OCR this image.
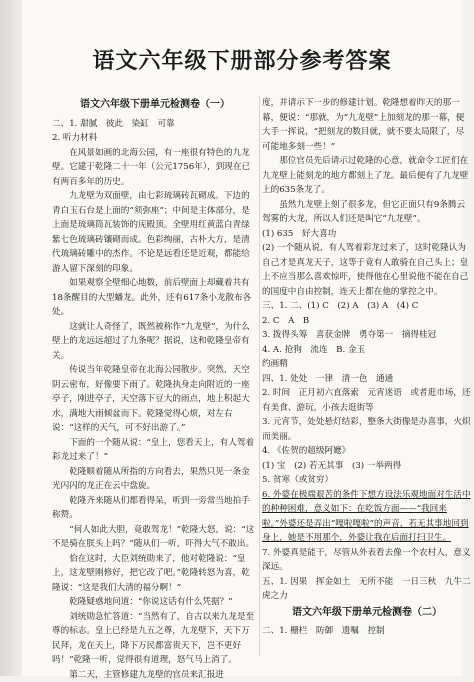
语文六年级下册部分参考答案

语文六年级下册单元检测卷（一）

二、1. 甜腻　彼此　染缸　可靠

2. 听力材料

在风景如画的北海公园，有一座很有特色的九龙壁。它建于乾隆二十一年（公元1756年），到现在已有两百多年的历史。

九龙壁为双面壁，由七彩琉璃砖瓦砌成。下边的青白玉石台是上面的“须弥座”；中间是主体部分，是上面是琉璃筒瓦装饰的庑殿顶。全壁用红黄蓝白青绿紫七色琉璃砖镶砌而成。色彩绚丽，古朴大方，是清代琉璃砖雕中的杰作。不论是远看还是近观，都能给游人留下深刻的印象。

如果观察全壁细心地数，前后壁面上却藏着共有18条醒目的大型蟠龙。此外，还有617条小龙散布各处。

这就让人奇怪了，既然被称作“九龙壁”，为什么壁上的龙远远超过了九条呢？据说，这和乾隆皇帝有关。

传说当年乾隆皇帝在北海公园散步。突然，天空阴云密布，好像要下雨了。乾隆执身走向附近的一座亭子，刚进亭子，天空落下豆大的雨点，地上积起大水，满地大雨倾盆而下。乾隆觉得心烦，对左右说：“这样的天气，可不好出游了。”

下面的一个随从说：“皇上，您看天上，有人驾着彩龙过来了！”

乾隆顺着随从所指的方向看去，果然只见一条金光闪闪的龙正在云中盘旋。

乾隆齐来随从们都看得呆，听到一旁常当地拍手称赞。

“何人如此大胆，竟敢驾龙！”乾隆大怒，说：“这不是骑在朕头上吗？”随从们一听，吓得大气不敢出。

恰在这时，大臣刘统勋来了，他对乾隆说：“皇上，这龙壁刚修好，把它改了吧。”乾隆转怒为喜，乾隆说：“这是我们大清的福分啊！”

乾隆疑惑地问道：“你说这话有什么凭据？”

刘统勋急忙答道：“当然有了，自古以来九龙是至尊的标志。皇上已经是九五之尊，九龙壁下，天下万民拜，龙在天上，降下万民都富贵天下，岂不更好吗！”乾隆一听，觉得很有道理，怒气马上消了。

第二天，主管修建九龙壁的官员来汇报进

度，并请示下一步的修建计划。乾隆想着昨天的那一幕，便说：“那就，为“九龙壁”上加刻龙的那一幕，便大手一挥说，“把刻龙的数目就，就不要太局限了，尽可能地多刻一些！”

那位官员先后请示过乾隆的心意，就命令工匠们在九龙壁上能刻龙的地方都刻上了龙。最后便有了九龙壁上的635条龙了。

虽然九龙壁上刻了很多龙，但它正面只有9条腾云驾雾的大龙，所以人们还是叫它“九龙壁”。

(1) 635　好大喜功

(2) 一个随从说，有人驾着彩龙过来了，这时乾隆认为自己才是真龙天子，这等于竟有人敢骑在自己头上；皇上不应当那么喜欢惊吓，使得他在心里说他不能在自己的国度中自由控制，连天上都在他的掌控之中。

三、1. 二、(1) C　(2) A　(3) A　(4) C

2. C　A　B

3. 拨得头筹　喜获金牌　勇夺第一　摘得桂冠

4. A. 抢狗　流连　B. 金玉

约画精

四、1. 处处　一律　清一色　通通

2. 时间　正月初六直落索　元宵迷语　或者逛市场，还有美食、游玩，小孩去逛街等

3. 元宵节，处处悬灯结彩，整条大街像是办喜事，火炽而美丽。

4. 《佐贺的超级阿嬷》

(1) 宝　(2) 若无其事　(3) 一举两得

5. 贫寒（或贫穷）

6. 外婆在极端艰苦的条件下想方设法乐观地面对生活中的种种困难，意义如下：在吃饭方面——“我回来啦。”外婆还是弄出“嘎啦嘎啦”的声音，若无其事地回到身上，她是不用那个，外婆让我在后面打扫卫生。

7. 外婆真是能干，尽管从外表看去像一个农村人，意义深远。

五、1. 因果　挥金如土　无所不能　一日三秋　九牛二虎之力

语文六年级下册单元检测卷（二）

二、1. 栅栏　防御　遗嘱　控制
